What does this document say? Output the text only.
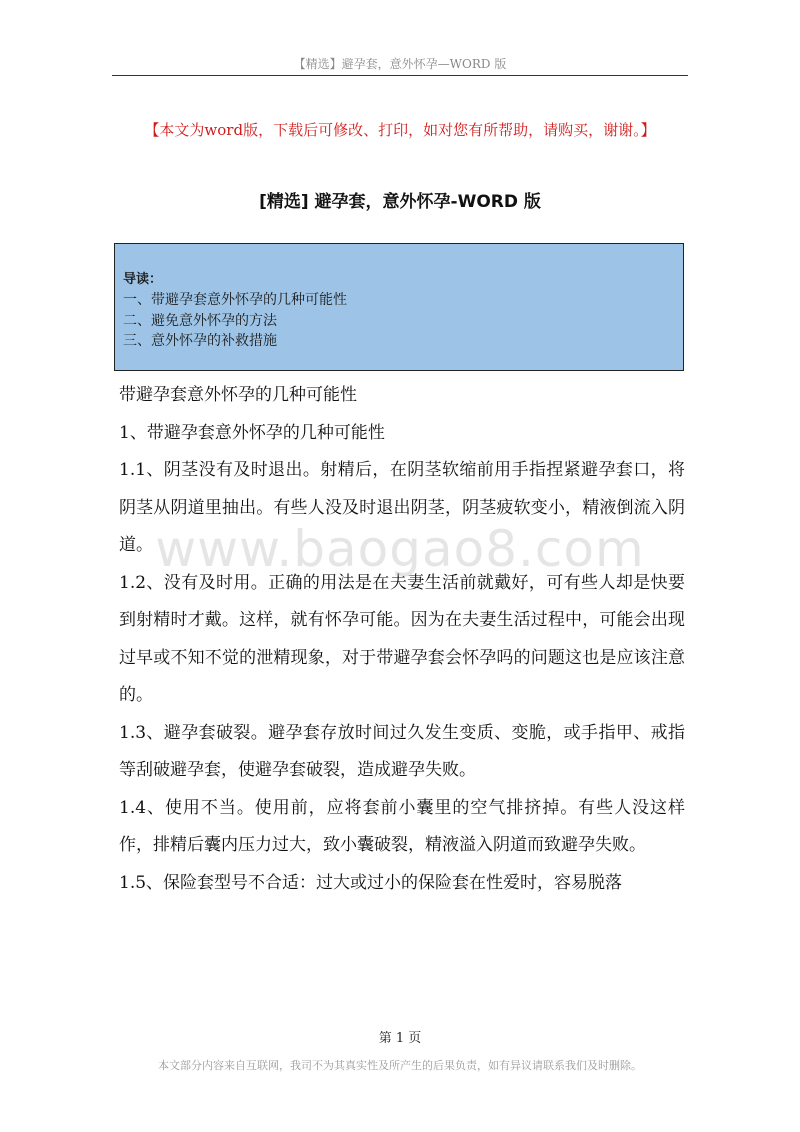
【精选】避孕套，意外怀孕—WORD 版
【本文为word版，下载后可修改、打印，如对您有所帮助，请购买，谢谢。】
[精选] 避孕套，意外怀孕-WORD 版
导读：
一、带避孕套意外怀孕的几种可能性
二、避免意外怀孕的方法
三、意外怀孕的补救措施

带避孕套意外怀孕的几种可能性

1、带避孕套意外怀孕的几种可能性

1.1、阴茎没有及时退出。射精后，在阴茎软缩前用手指捏紧避孕套口，将阴茎从阴道里抽出。有些人没及时退出阴茎，阴茎疲软变小，精液倒流入阴道。

1.2、没有及时用。正确的用法是在夫妻生活前就戴好，可有些人却是快要到射精时才戴。这样，就有怀孕可能。因为在夫妻生活过程中，可能会出现过早或不知不觉的泄精现象，对于带避孕套会怀孕吗的问题这也是应该注意的。

1.3、避孕套破裂。避孕套存放时间过久发生变质、变脆，或手指甲、戒指等刮破避孕套，使避孕套破裂，造成避孕失败。

1.4、使用不当。使用前，应将套前小囊里的空气排挤掉。有些人没这样作，排精后囊内压力过大，致小囊破裂，精液溢入阴道而致避孕失败。

1.5、保险套型号不合适：过大或过小的保险套在性爱时，容易脱落

www.baogao8.com
第 1 页
本文部分内容来自互联网，我司不为其真实性及所产生的后果负责，如有异议请联系我们及时删除。
